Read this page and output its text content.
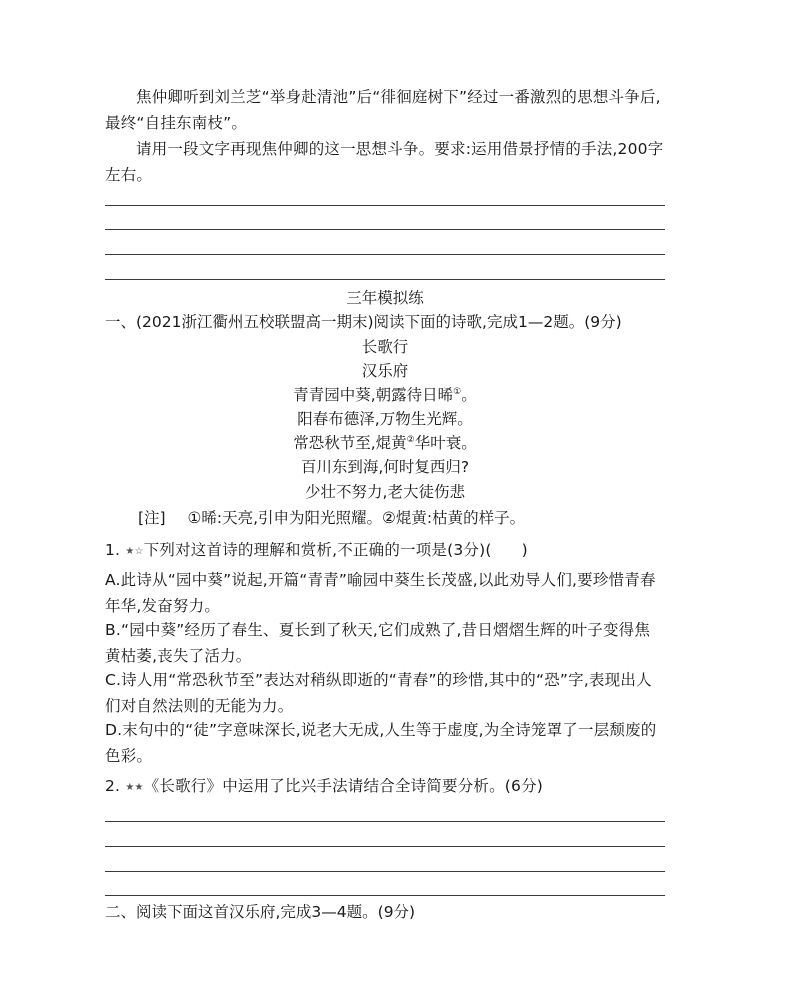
焦仲卿听到刘兰芝“举身赴清池”后“徘徊庭树下”经过一番激烈的思想斗争后,最终“自挂东南枝”。
请用一段文字再现焦仲卿的这一思想斗争。要求:运用借景抒情的手法,200字左右。
三年模拟练
一、(2021浙江衢州五校联盟高一期末)阅读下面的诗歌,完成1—2题。(9分)
长歌行
汉乐府
青青园中葵,朝露待日晞①。
阳春布德泽,万物生光辉。
常恐秋节至,焜黄②华叶衰。
百川东到海,何时复西归?
少壮不努力,老大徒伤悲
[注] ①晞:天亮,引申为阳光照耀。②焜黄:枯黄的样子。
1. ★☆下列对这首诗的理解和赏析,不正确的一项是(3分)( )
A.此诗从“园中葵”说起,开篇“青青”喻园中葵生长茂盛,以此劝导人们,要珍惜青春年华,发奋努力。
B.“园中葵”经历了春生、夏长到了秋天,它们成熟了,昔日熠熠生辉的叶子变得焦黄枯萎,丧失了活力。
C.诗人用“常恐秋节至”表达对稍纵即逝的“青春”的珍惜,其中的“恐”字,表现出人们对自然法则的无能为力。
D.末句中的“徒”字意味深长,说老大无成,人生等于虚度,为全诗笼罩了一层颓废的色彩。
2. ★★《长歌行》中运用了比兴手法请结合全诗简要分析。(6分)
二、阅读下面这首汉乐府,完成3—4题。(9分)
